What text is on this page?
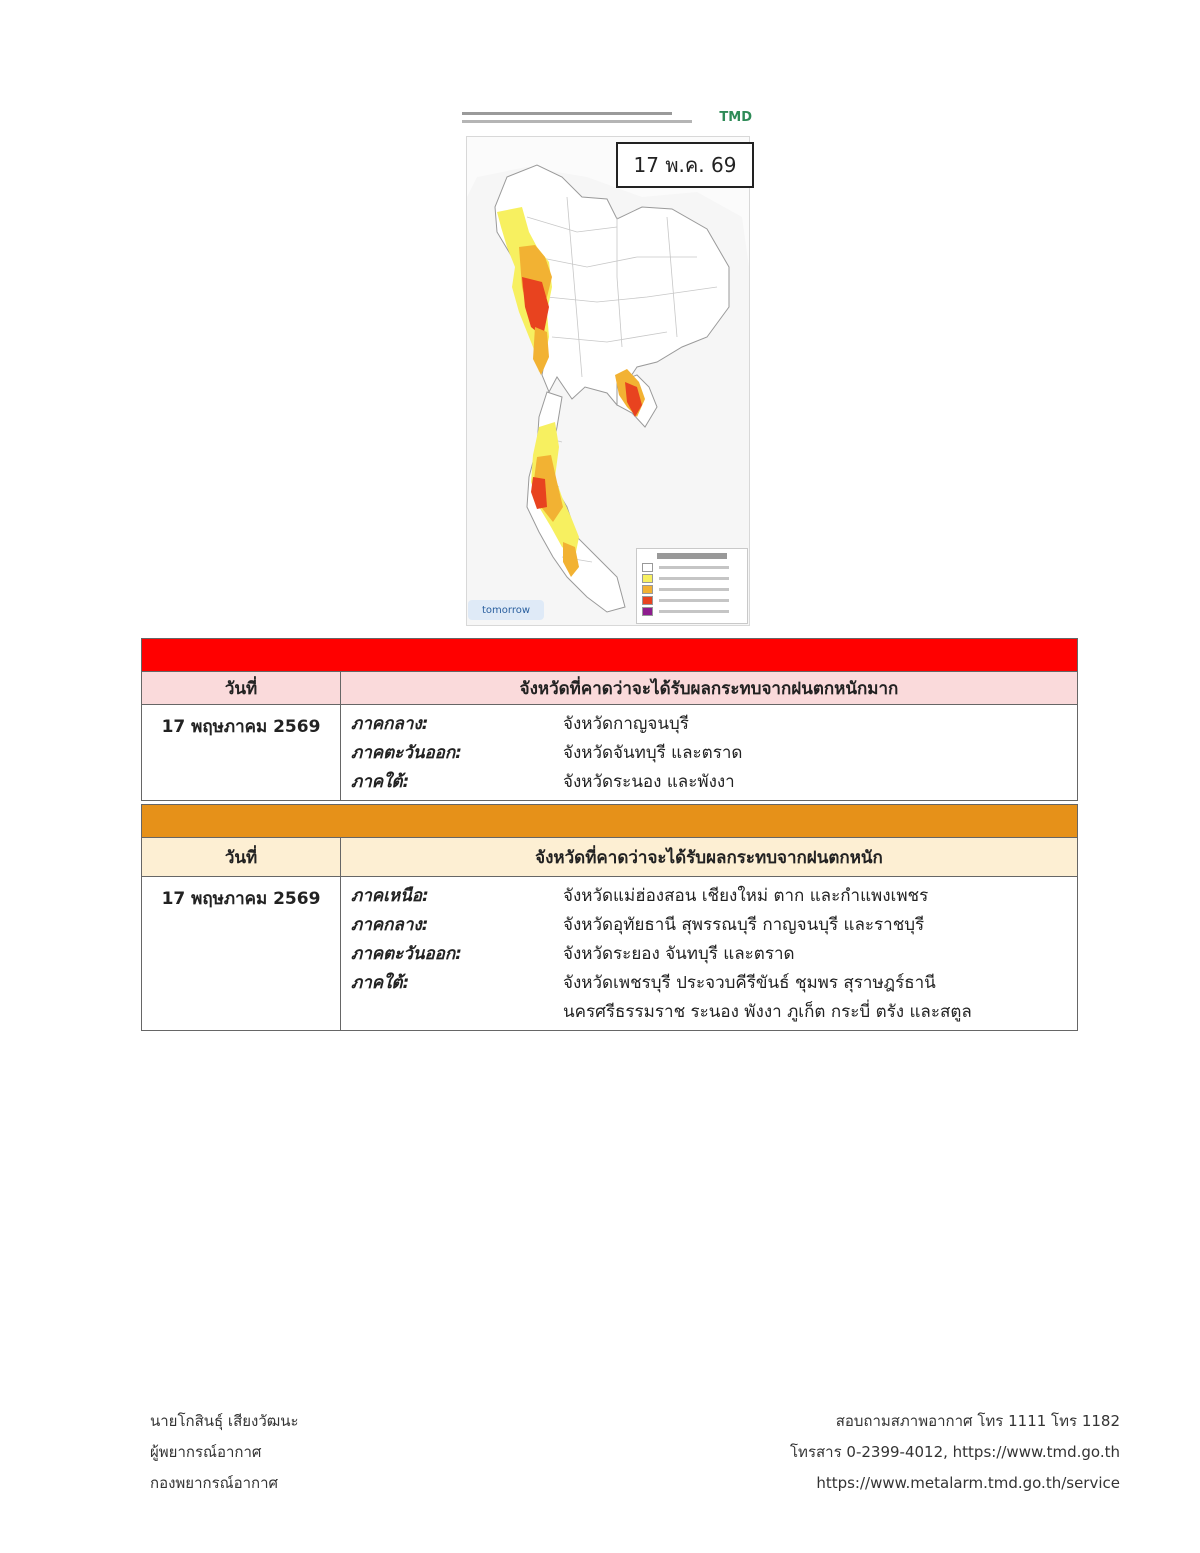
TMD
17 พ.ค. 69
tomorrow
วันที่	จังหวัดที่คาดว่าจะได้รับผลกระทบจากฝนตกหนักมาก
17 พฤษภาคม 2569	ภาคกลาง:	จังหวัดกาญจนบุรี
ภาคตะวันออก:	จังหวัดจันทบุรี และตราด
ภาคใต้:	จังหวัดระนอง และพังงา
วันที่	จังหวัดที่คาดว่าจะได้รับผลกระทบจากฝนตกหนัก
17 พฤษภาคม 2569	ภาคเหนือ:	จังหวัดแม่ฮ่องสอน เชียงใหม่ ตาก และกำแพงเพชร
ภาคกลาง:	จังหวัดอุทัยธานี สุพรรณบุรี กาญจนบุรี และราชบุรี
ภาคตะวันออก:	จังหวัดระยอง จันทบุรี และตราด
ภาคใต้:	จังหวัดเพชรบุรี ประจวบคีรีขันธ์ ชุมพร สุราษฎร์ธานี
นครศรีธรรมราช ระนอง พังงา ภูเก็ต กระบี่ ตรัง และสตูล
นายโกสินธุ์ เสียงวัฒนะ
ผู้พยากรณ์อากาศ
กองพยากรณ์อากาศ
สอบถามสภาพอากาศ โทร 1111 โทร 1182
โทรสาร 0-2399-4012, https://www.tmd.go.th
https://www.metalarm.tmd.go.th/service
